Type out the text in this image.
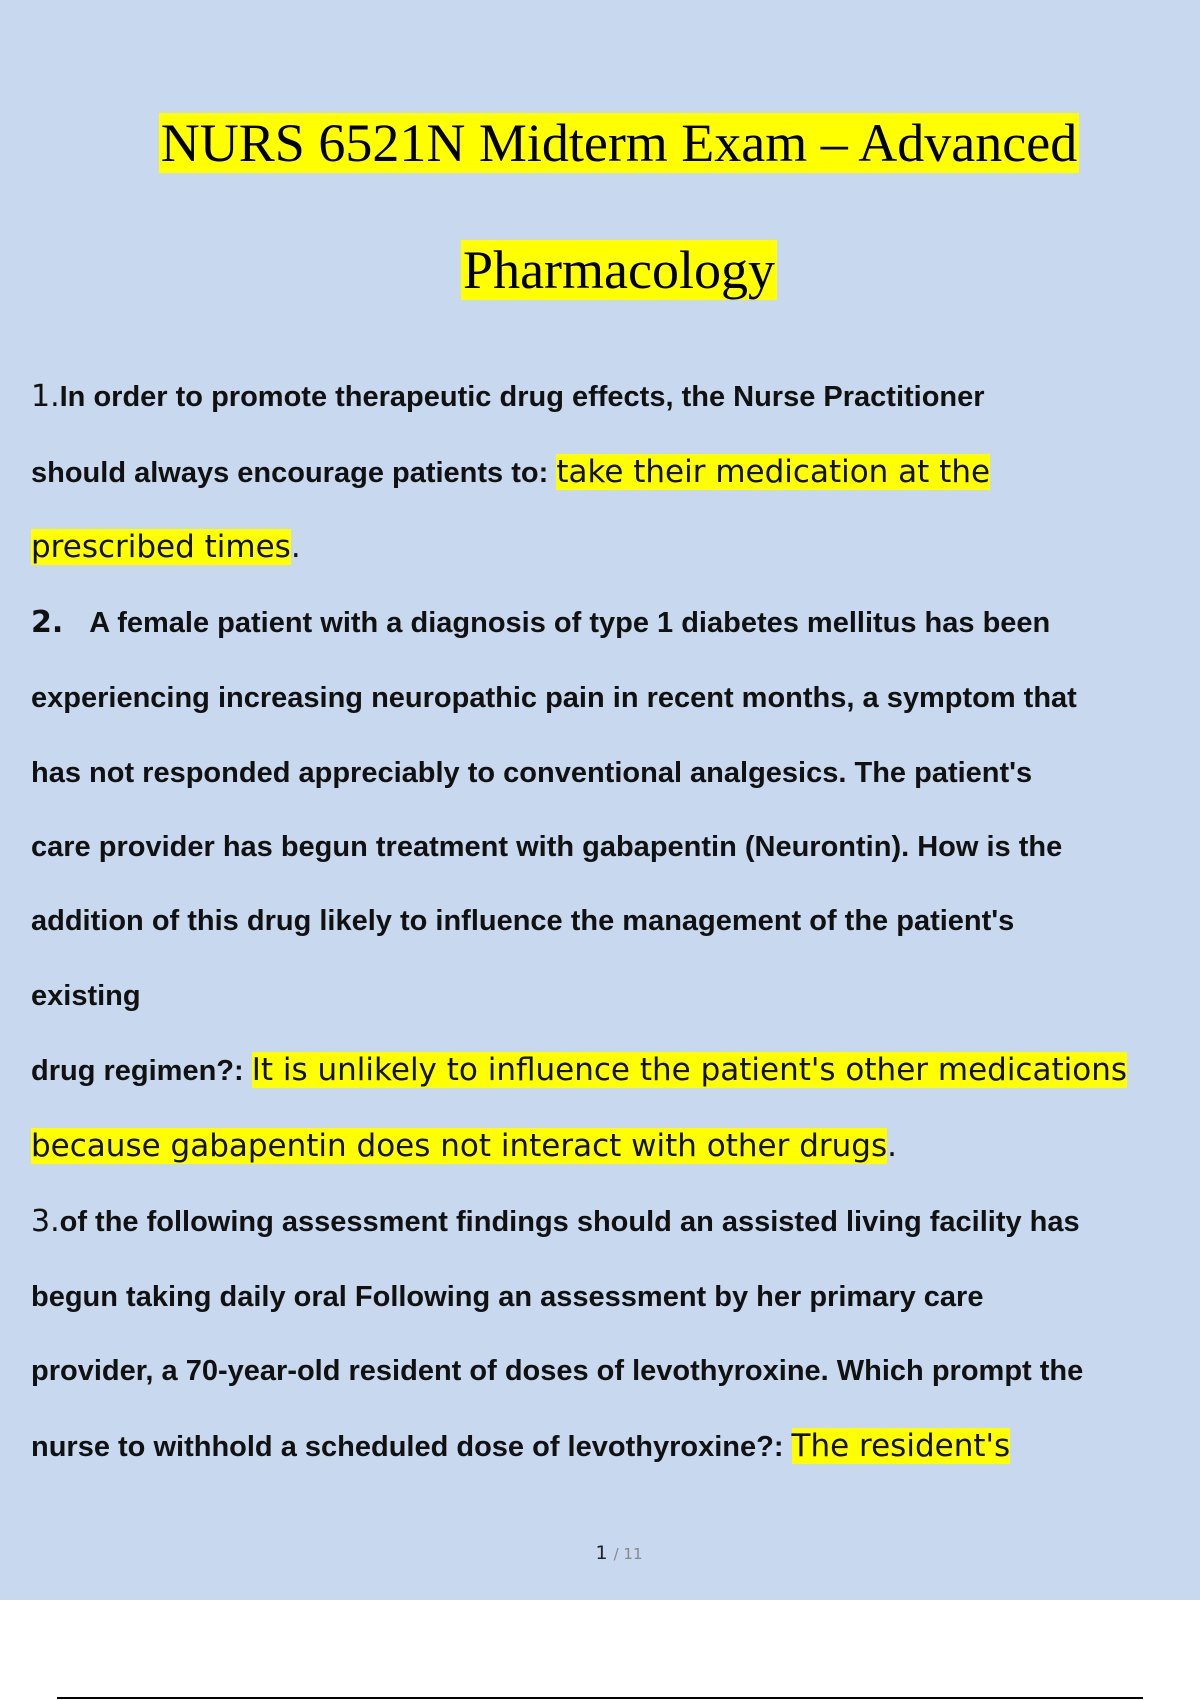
NURS 6521N Midterm Exam – Advanced
Pharmacology
1.In order to promote therapeutic drug effects, the Nurse Practitioner
should always encourage patients to: take their medication at the
prescribed times.
2. A female patient with a diagnosis of type 1 diabetes mellitus has been
experiencing increasing neuropathic pain in recent months, a symptom that
has not responded appreciably to conventional analgesics. The patient's
care provider has begun treatment with gabapentin (Neurontin). How is the
addition of this drug likely to influence the management of the patient's
existing
drug regimen?: It is unlikely to influence the patient's other medications
because gabapentin does not interact with other drugs.
3.of the following assessment findings should an assisted living facility has
begun taking daily oral Following an assessment by her primary care
provider, a 70-year-old resident of doses of levothyroxine. Which prompt the
nurse to withhold a scheduled dose of levothyroxine?: The resident's
1 / 11
